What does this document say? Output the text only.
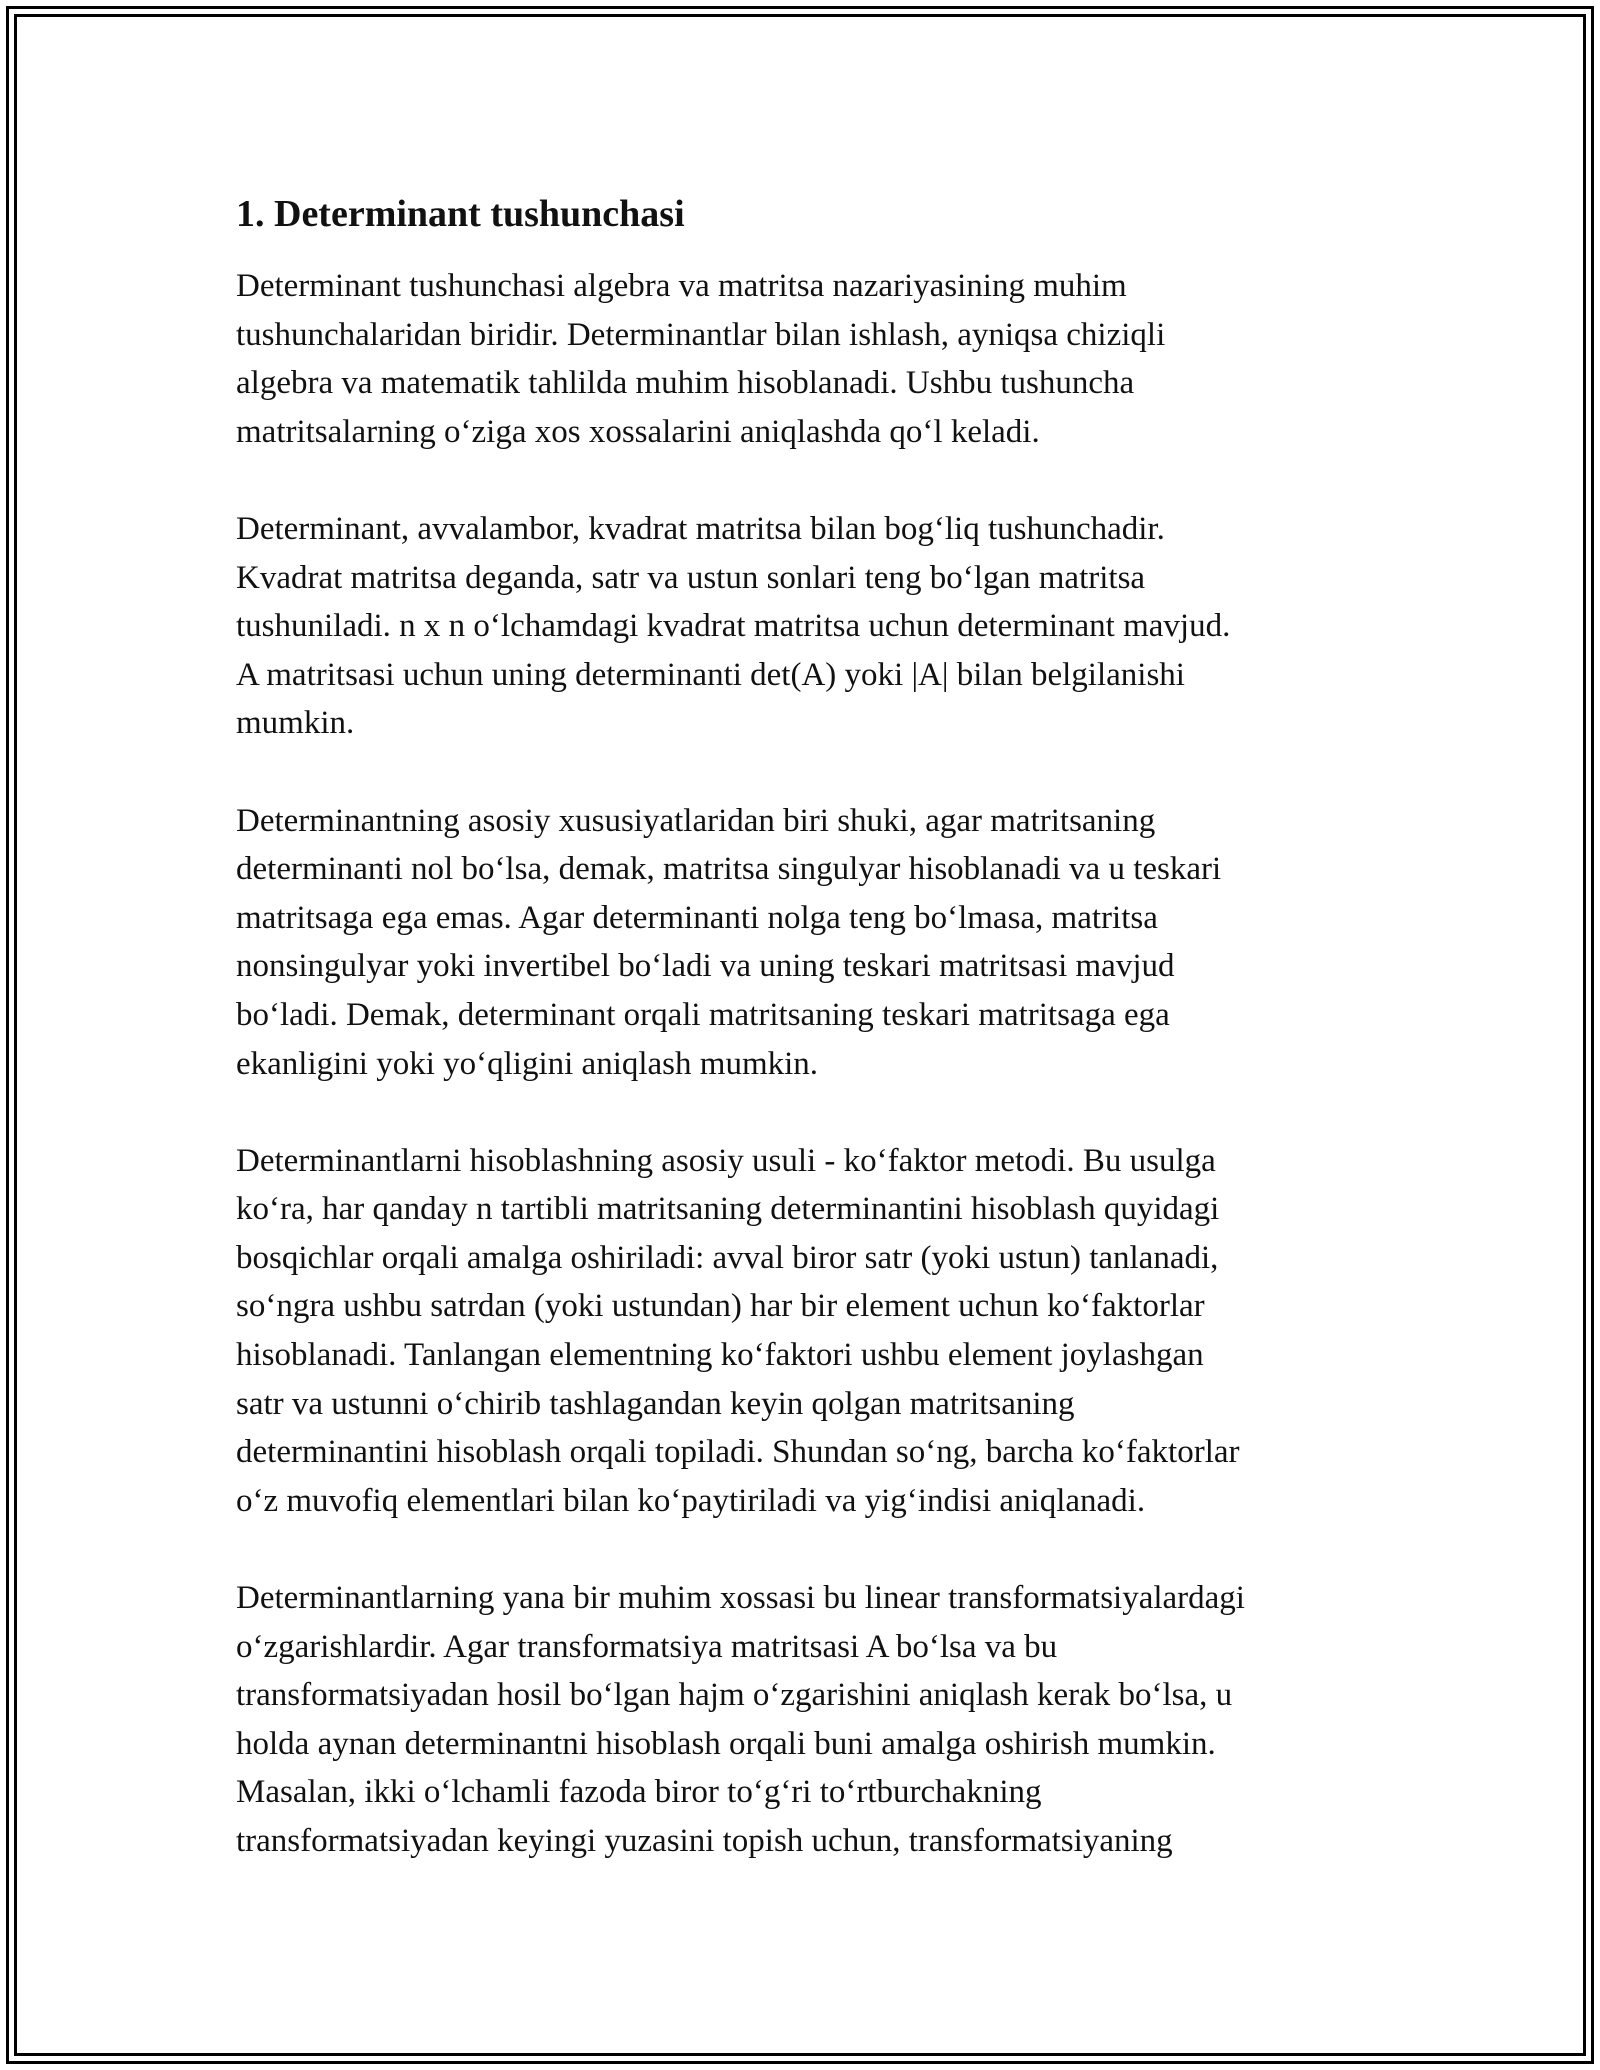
1. Determinant tushunchasi

Determinant tushunchasi algebra va matritsa nazariyasining muhim
tushunchalaridan biridir. Determinantlar bilan ishlash, ayniqsa chiziqli
algebra va matematik tahlilda muhim hisoblanadi. Ushbu tushuncha
matritsalarning oʻziga xos xossalarini aniqlashda qoʻl keladi.

Determinant, avvalambor, kvadrat matritsa bilan bogʻliq tushunchadir.
Kvadrat matritsa deganda, satr va ustun sonlari teng boʻlgan matritsa
tushuniladi. n x n oʻlchamdagi kvadrat matritsa uchun determinant mavjud.
A matritsasi uchun uning determinanti det(A) yoki |A| bilan belgilanishi
mumkin.

Determinantning asosiy xususiyatlaridan biri shuki, agar matritsaning
determinanti nol boʻlsa, demak, matritsa singulyar hisoblanadi va u teskari
matritsaga ega emas. Agar determinanti nolga teng boʻlmasa, matritsa
nonsingulyar yoki invertibel boʻladi va uning teskari matritsasi mavjud
boʻladi. Demak, determinant orqali matritsaning teskari matritsaga ega
ekanligini yoki yoʻqligini aniqlash mumkin.

Determinantlarni hisoblashning asosiy usuli - koʻfaktor metodi. Bu usulga
koʻra, har qanday n tartibli matritsaning determinantini hisoblash quyidagi
bosqichlar orqali amalga oshiriladi: avval biror satr (yoki ustun) tanlanadi,
soʻngra ushbu satrdan (yoki ustundan) har bir element uchun koʻfaktorlar
hisoblanadi. Tanlangan elementning koʻfaktori ushbu element joylashgan
satr va ustunni oʻchirib tashlagandan keyin qolgan matritsaning
determinantini hisoblash orqali topiladi. Shundan soʻng, barcha koʻfaktorlar
oʻz muvofiq elementlari bilan koʻpaytiriladi va yigʻindisi aniqlanadi.

Determinantlarning yana bir muhim xossasi bu linear transformatsiyalardagi
oʻzgarishlardir. Agar transformatsiya matritsasi A boʻlsa va bu
transformatsiyadan hosil boʻlgan hajm oʻzgarishini aniqlash kerak boʻlsa, u
holda aynan determinantni hisoblash orqali buni amalga oshirish mumkin.
Masalan, ikki oʻlchamli fazoda biror toʻgʻri toʻrtburchakning
transformatsiyadan keyingi yuzasini topish uchun, transformatsiyaning
